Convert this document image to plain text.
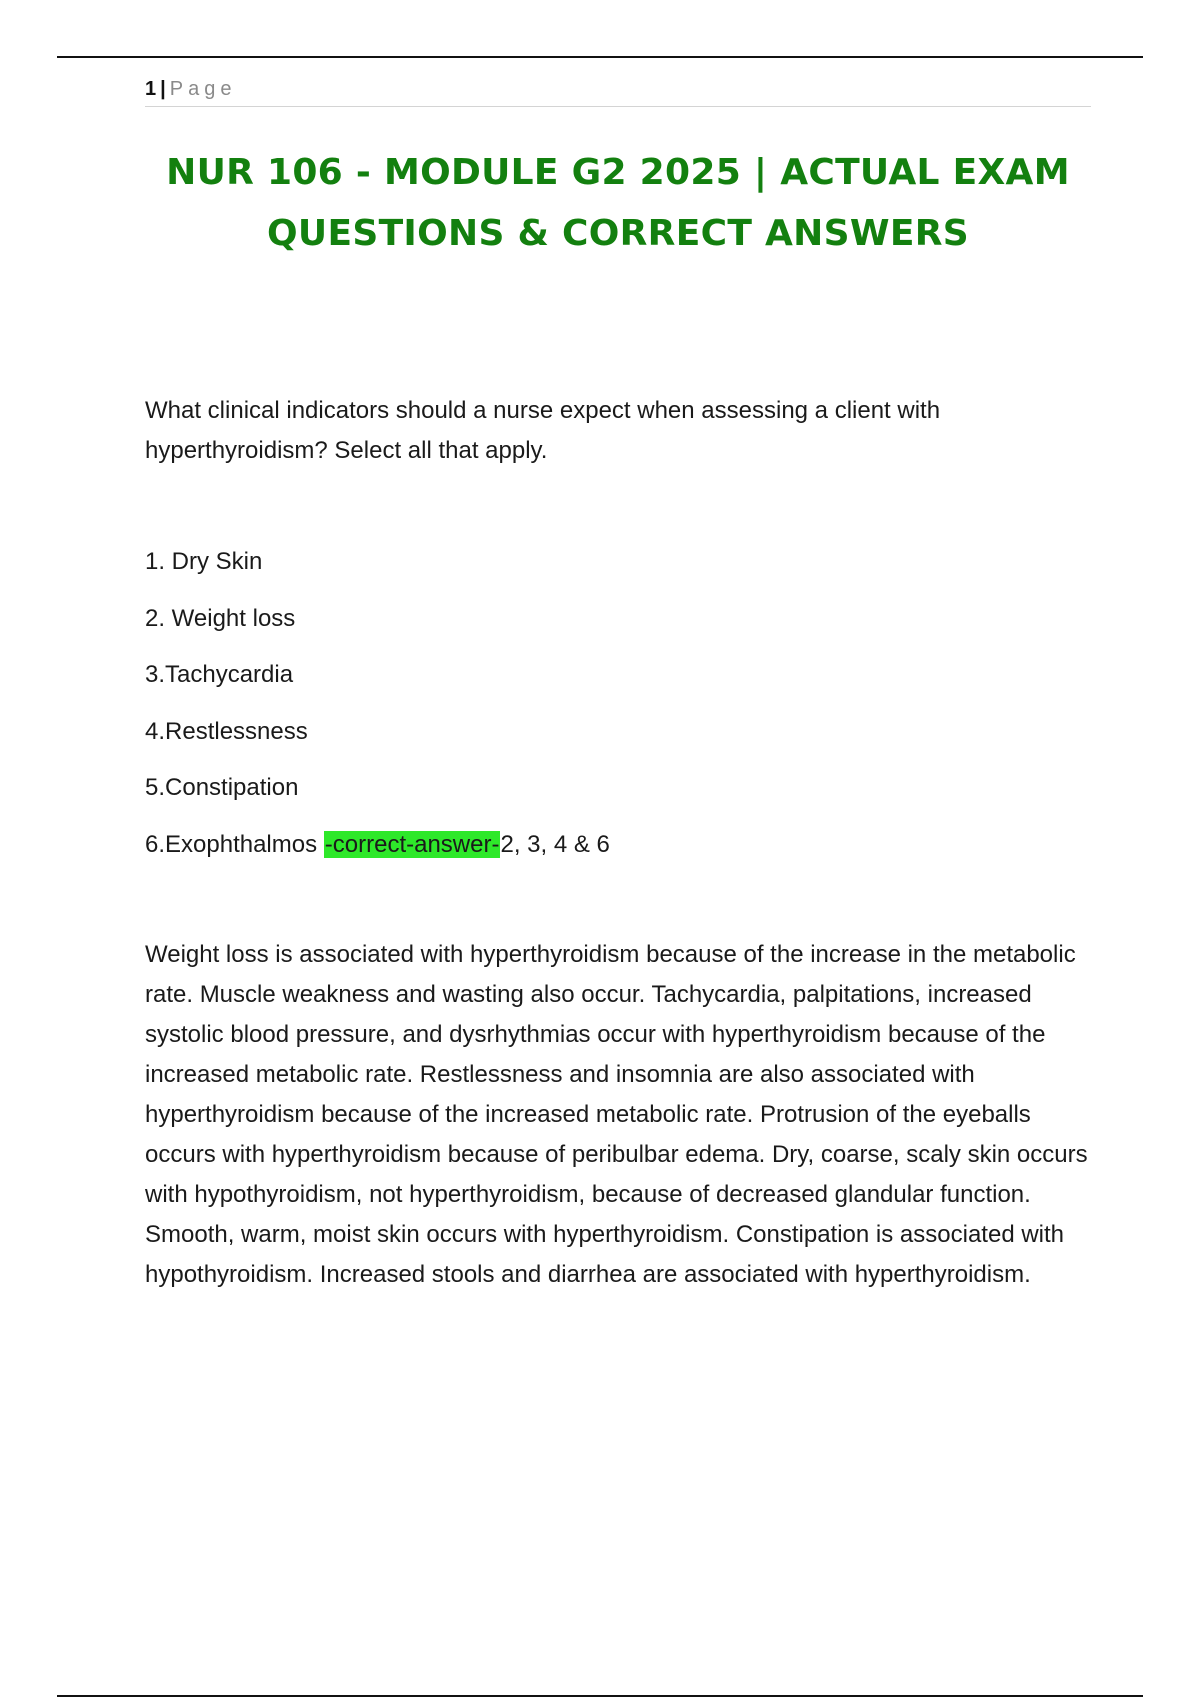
1 | Page
NUR 106 - MODULE G2 2025 | ACTUAL EXAM QUESTIONS & CORRECT ANSWERS

What clinical indicators should a nurse expect when assessing a client with hyperthyroidism? Select all that apply.

1. Dry Skin
2. Weight loss
3.Tachycardia
4.Restlessness
5.Constipation
6.Exophthalmos -correct-answer-2, 3, 4 & 6

Weight loss is associated with hyperthyroidism because of the increase in the metabolic rate. Muscle weakness and wasting also occur. Tachycardia, palpitations, increased systolic blood pressure, and dysrhythmias occur with hyperthyroidism because of the increased metabolic rate. Restlessness and insomnia are also associated with hyperthyroidism because of the increased metabolic rate. Protrusion of the eyeballs occurs with hyperthyroidism because of peribulbar edema. Dry, coarse, scaly skin occurs with hypothyroidism, not hyperthyroidism, because of decreased glandular function. Smooth, warm, moist skin occurs with hyperthyroidism. Constipation is associated with hypothyroidism. Increased stools and diarrhea are associated with hyperthyroidism.
